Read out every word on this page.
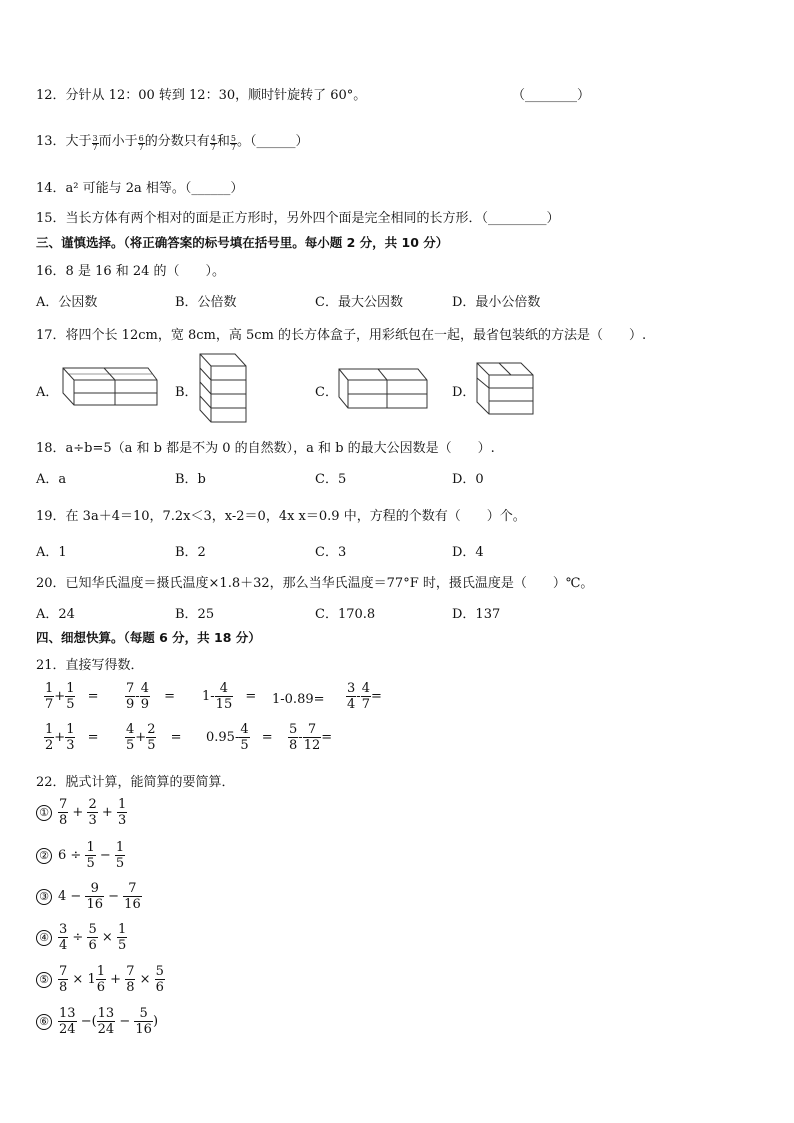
12．分针从 12：00 转到 12：30，顺时针旋转了 60°。	（________）
13．大于 $\frac{3}{7}$ 而小于 $\frac{6}{7}$ 的分数只有 $\frac{4}{7}$ 和 $\frac{5}{7}$ 。（______）
14．a² 可能与 2a 相等。（______）
15．当长方体有两个相对的面是正方形时，另外四个面是完全相同的长方形．（_________）
三、谨慎选择。（将正确答案的标号填在括号里。每小题 2 分，共 10 分）
16．8 是 16 和 24 的（　　）。
A．公因数	B．公倍数	C．最大公因数	D．最小公倍数
17．将四个长 12cm，宽 8cm，高 5cm 的长方体盒子，用彩纸包在一起，最省包装纸的方法是（　　）.
A．	B．	C．	D．
18．a÷b=5（a 和 b 都是不为 0 的自然数），a 和 b 的最大公因数是（　　）.
A．a	B．b	C．5	D．0
19．在 3a＋4＝10，7.2x＜3，x-2＝0，4x x＝0.9 中，方程的个数有（　　）个。
A．1	B．2	C．3	D．4
20．已知华氏温度＝摄氏温度×1.8＋32，那么当华氏温度＝77°F 时，摄氏温度是（　　）℃。
A．24	B．25	C．170.8	D．137
四、细想快算。（每题 6 分，共 18 分）
21．直接写得数．
$\frac{1}{7} + \frac{1}{5} = \frac{7}{9} - \frac{4}{9} = 1- \frac{4}{15} = 1-0.89= \frac{3}{4} - \frac{4}{7}$ =
$\frac{1}{2} + \frac{1}{3} = \frac{4}{5} + \frac{2}{5} = 0.95- \frac{4}{5} = \frac{5}{8} - \frac{7}{12}$ =
22．脱式计算，能简算的要简算．
① $\frac{7}{8} + \frac{2}{3} + \frac{1}{3}$
② $6 \div \frac{1}{5} - \frac{1}{5}$
③ $4 - \frac{9}{16} - \frac{7}{16}$
④ $\frac{3}{4} \div \frac{5}{6} \times \frac{1}{5}$
⑤ $\frac{7}{8} \times 1 \frac{1}{6} + \frac{7}{8} \times \frac{5}{6}$
⑥ $\frac{13}{24}$ −( $\frac{13}{24} - \frac{5}{16}$ )
